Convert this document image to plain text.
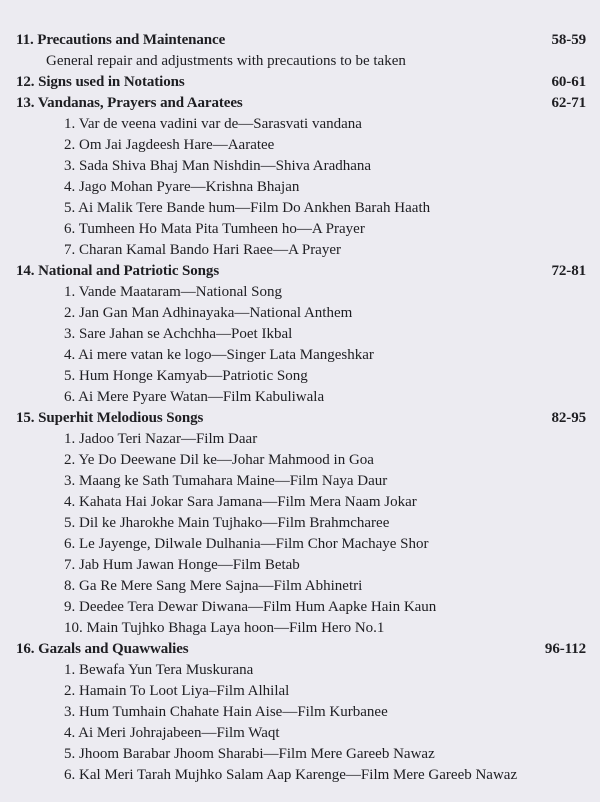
11. Precautions and Maintenance	58-59
General repair and adjustments with precautions to be taken
12. Signs used in Notations	60-61
13. Vandanas, Prayers and Aaratees	62-71
1. Var de veena vadini var de—Sarasvati vandana
2. Om Jai Jagdeesh Hare—Aaratee
3. Sada Shiva Bhaj Man Nishdin—Shiva Aradhana
4. Jago Mohan Pyare—Krishna Bhajan
5. Ai Malik Tere Bande hum—Film Do Ankhen Barah Haath
6. Tumheen Ho Mata Pita Tumheen ho—A Prayer
7. Charan Kamal Bando Hari Raee—A Prayer
14. National and Patriotic Songs	72-81
1. Vande Maataram—National Song
2. Jan Gan Man Adhinayaka—National Anthem
3. Sare Jahan se Achchha—Poet Ikbal
4. Ai mere vatan ke logo—Singer Lata Mangeshkar
5. Hum Honge Kamyab—Patriotic Song
6. Ai Mere Pyare Watan—Film Kabuliwala
15. Superhit Melodious Songs	82-95
1. Jadoo Teri Nazar—Film Daar
2. Ye Do Deewane Dil ke—Johar Mahmood in Goa
3. Maang ke Sath Tumahara Maine—Film Naya Daur
4. Kahata Hai Jokar Sara Jamana—Film Mera Naam Jokar
5. Dil ke Jharokhe Main Tujhako—Film Brahmcharee
6. Le Jayenge, Dilwale Dulhania—Film Chor Machaye Shor
7. Jab Hum Jawan Honge—Film Betab
8. Ga Re Mere Sang Mere Sajna—Film Abhinetri
9. Deedee Tera Dewar Diwana—Film Hum Aapke Hain Kaun
10. Main Tujhko Bhaga Laya hoon—Film Hero No.1
16. Gazals and Quawwalies	96-112
1. Bewafa Yun Tera Muskurana
2. Hamain To Loot Liya–Film Alhilal
3. Hum Tumhain Chahate Hain Aise—Film Kurbanee
4. Ai Meri Johrajabeen—Film Waqt
5. Jhoom Barabar Jhoom Sharabi—Film Mere Gareeb Nawaz
6. Kal Meri Tarah Mujhko Salam Aap Karenge—Film Mere Gareeb Nawaz
